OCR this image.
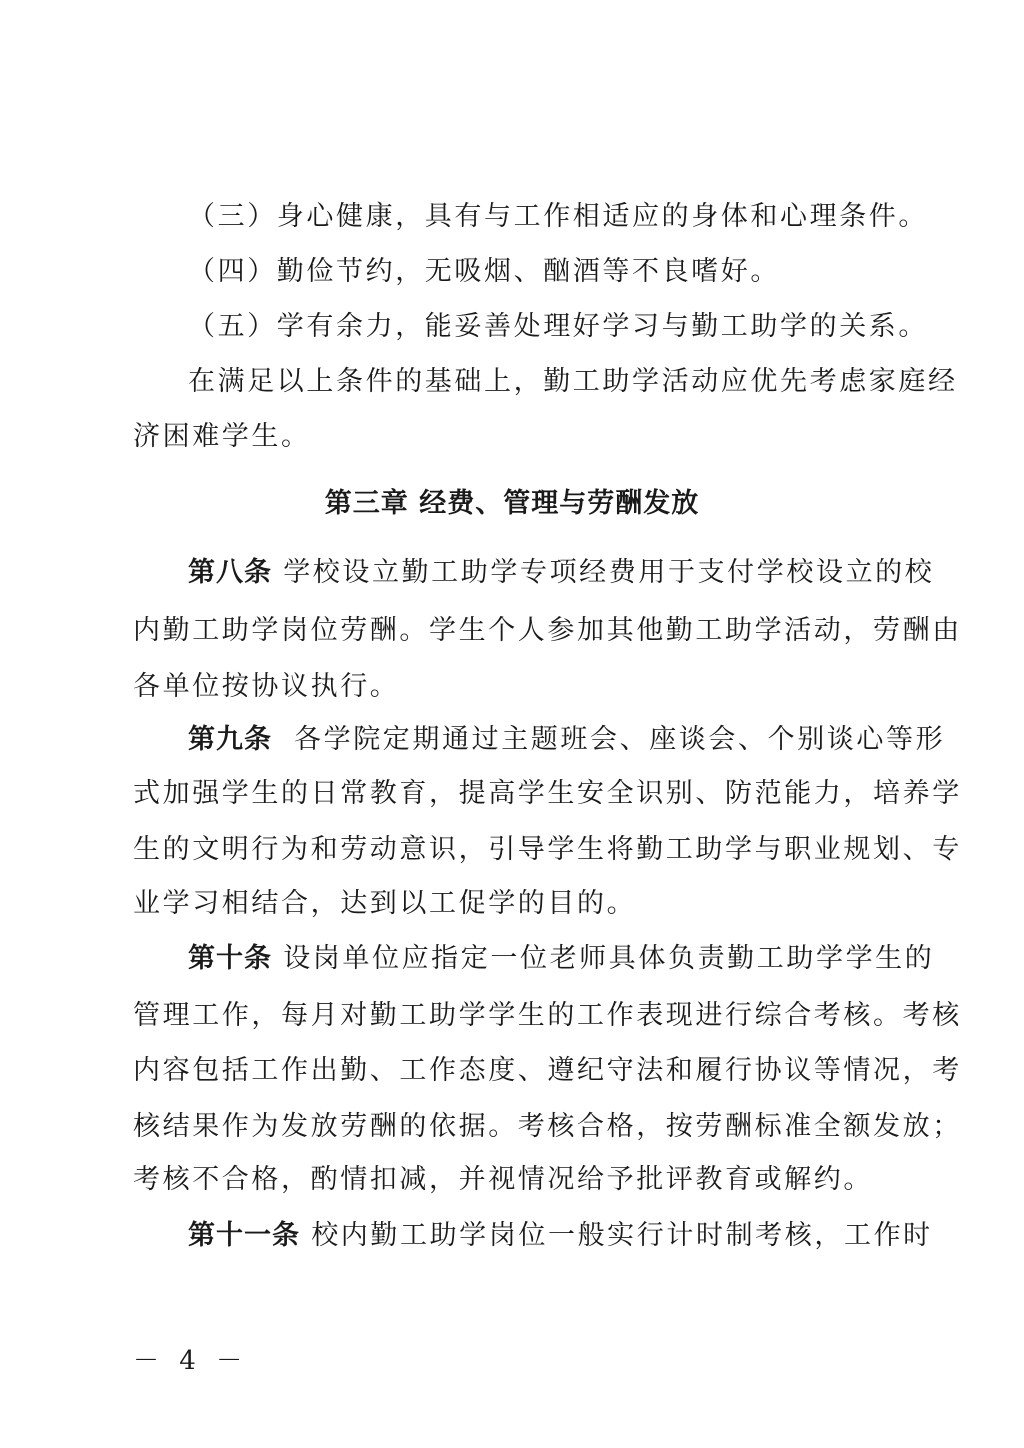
（三）身心健康，具有与工作相适应的身体和心理条件。
（四）勤俭节约，无吸烟、酗酒等不良嗜好。
（五）学有余力，能妥善处理好学习与勤工助学的关系。
在满足以上条件的基础上，勤工助学活动应优先考虑家庭经
济困难学生。
第三章 经费、管理与劳酬发放
第八条 学校设立勤工助学专项经费用于支付学校设立的校
内勤工助学岗位劳酬。学生个人参加其他勤工助学活动，劳酬由
各单位按协议执行。
第九条 各学院定期通过主题班会、座谈会、个别谈心等形
式加强学生的日常教育，提高学生安全识别、防范能力，培养学
生的文明行为和劳动意识，引导学生将勤工助学与职业规划、专
业学习相结合，达到以工促学的目的。
第十条 设岗单位应指定一位老师具体负责勤工助学学生的
管理工作，每月对勤工助学学生的工作表现进行综合考核。考核
内容包括工作出勤、工作态度、遵纪守法和履行协议等情况，考
核结果作为发放劳酬的依据。考核合格，按劳酬标准全额发放；
考核不合格，酌情扣减，并视情况给予批评教育或解约。
第十一条 校内勤工助学岗位一般实行计时制考核，工作时
－ 4 －
